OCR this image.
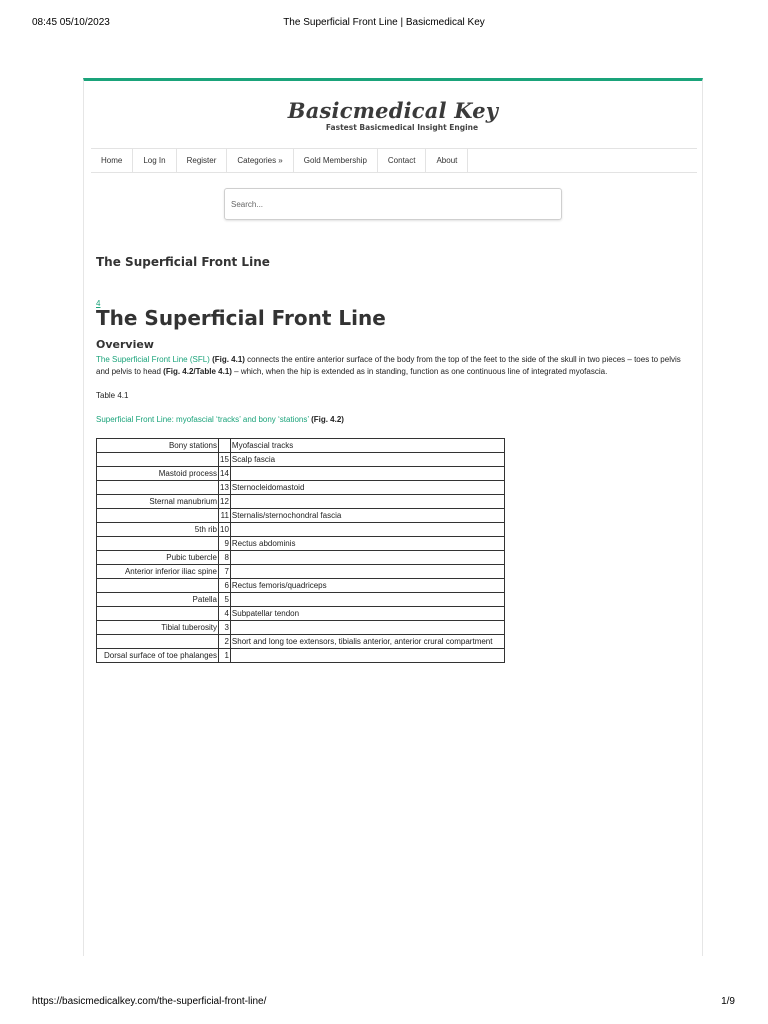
08:45 05/10/2023	The Superficial Front Line | Basicmedical Key
Basicmedical Key
Fastest Basicmedical Insight Engine
Home	Log In	Register	Categories »	Gold Membership	Contact	About
Search...
The Superficial Front Line
4
The Superficial Front Line
Overview

The Superficial Front Line (SFL) (Fig. 4.1) connects the entire anterior surface of the body from the top of the feet to the side of the skull in two pieces – toes to pelvis and pelvis to head (Fig. 4.2/Table 4.1) – which, when the hip is extended as in standing, function as one continuous line of integrated myofascia.

Table 4.1
Superficial Front Line: myofascial ‘tracks’ and bony ‘stations’ (Fig. 4.2)
Bony stations		Myofascial tracks
	15	Scalp fascia
Mastoid process	14	
	13	Sternocleidomastoid
Sternal manubrium	12	
	11	Sternalis/sternochondral fascia
5th rib	10	
	9	Rectus abdominis
Pubic tubercle	8	
Anterior inferior iliac spine	7	
	6	Rectus femoris/quadriceps
Patella	5	
	4	Subpatellar tendon
Tibial tuberosity	3	
	2	Short and long toe extensors, tibialis anterior, anterior crural compartment
Dorsal surface of toe phalanges	1	
https://basicmedicalkey.com/the-superficial-front-line/	1/9
